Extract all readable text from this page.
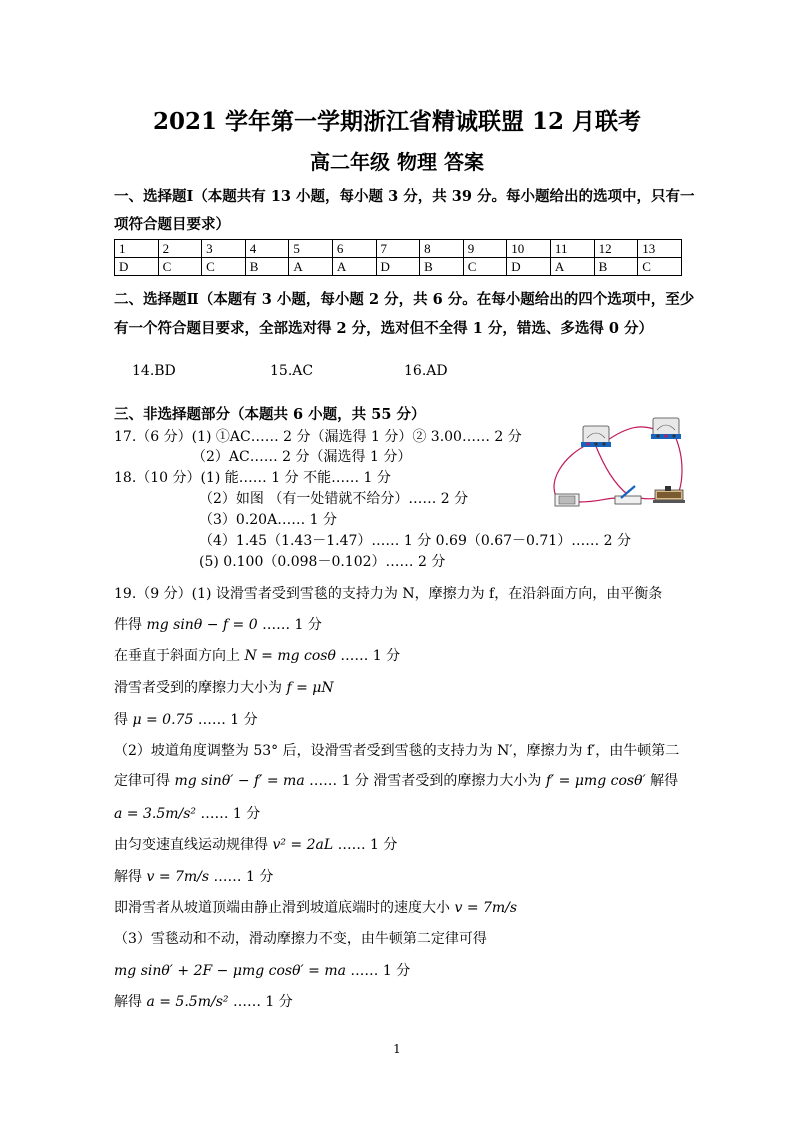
2021 学年第一学期浙江省精诚联盟 12 月联考
高二年级 物理 答案
一、选择题Ⅰ（本题共有 13 小题，每小题 3 分，共 39 分。每小题给出的选项中，只有一
项符合题目要求）
1	2	3	4	5	6	7	8	9	10	11	12	13
D	C	C	B	A	A	D	B	C	D	A	B	C
二、选择题Ⅱ（本题有 3 小题，每小题 2 分，共 6 分。在每小题给出的四个选项中，至少
有一个符合题目要求，全部选对得 2 分，选对但不全得 1 分，错选、多选得 0 分）
14.BD	15.AC	16.AD
三、非选择题部分（本题共 6 小题，共 55 分）
17.（6 分）(1) ①AC…… 2 分（漏选得 1 分）② 3.00…… 2 分
（2）AC…… 2 分（漏选得 1 分）
18.（10 分）(1) 能…… 1 分 不能…… 1 分
（2）如图 （有一处错就不给分）…… 2 分
（3）0.20A…… 1 分
（4）1.45（1.43－1.47）…… 1 分 0.69（0.67－0.71）…… 2 分
(5) 0.100（0.098－0.102）…… 2 分
19.（9 分）(1) 设滑雪者受到雪毯的支持力为 N，摩擦力为 f，在沿斜面方向，由平衡条
件得 mg sinθ − f = 0 …… 1 分
在垂直于斜面方向上 N = mg cosθ …… 1 分
滑雪者受到的摩擦力大小为 f = μN
得 μ = 0.75 …… 1 分
（2）坡道角度调整为 53° 后，设滑雪者受到雪毯的支持力为 N′，摩擦力为 f′，由牛顿第二
定律可得 mg sinθ′ − f′ = ma …… 1 分 滑雪者受到的摩擦力大小为 f′ = μmg cosθ′ 解得
a = 3.5m/s² …… 1 分
由匀变速直线运动规律得 v² = 2aL …… 1 分
解得 v = 7m/s …… 1 分
即滑雪者从坡道顶端由静止滑到坡道底端时的速度大小 v = 7m/s
（3）雪毯动和不动，滑动摩擦力不变，由牛顿第二定律可得
mg sinθ′ + 2F − μmg cosθ′ = ma …… 1 分
解得 a = 5.5m/s² …… 1 分
1
